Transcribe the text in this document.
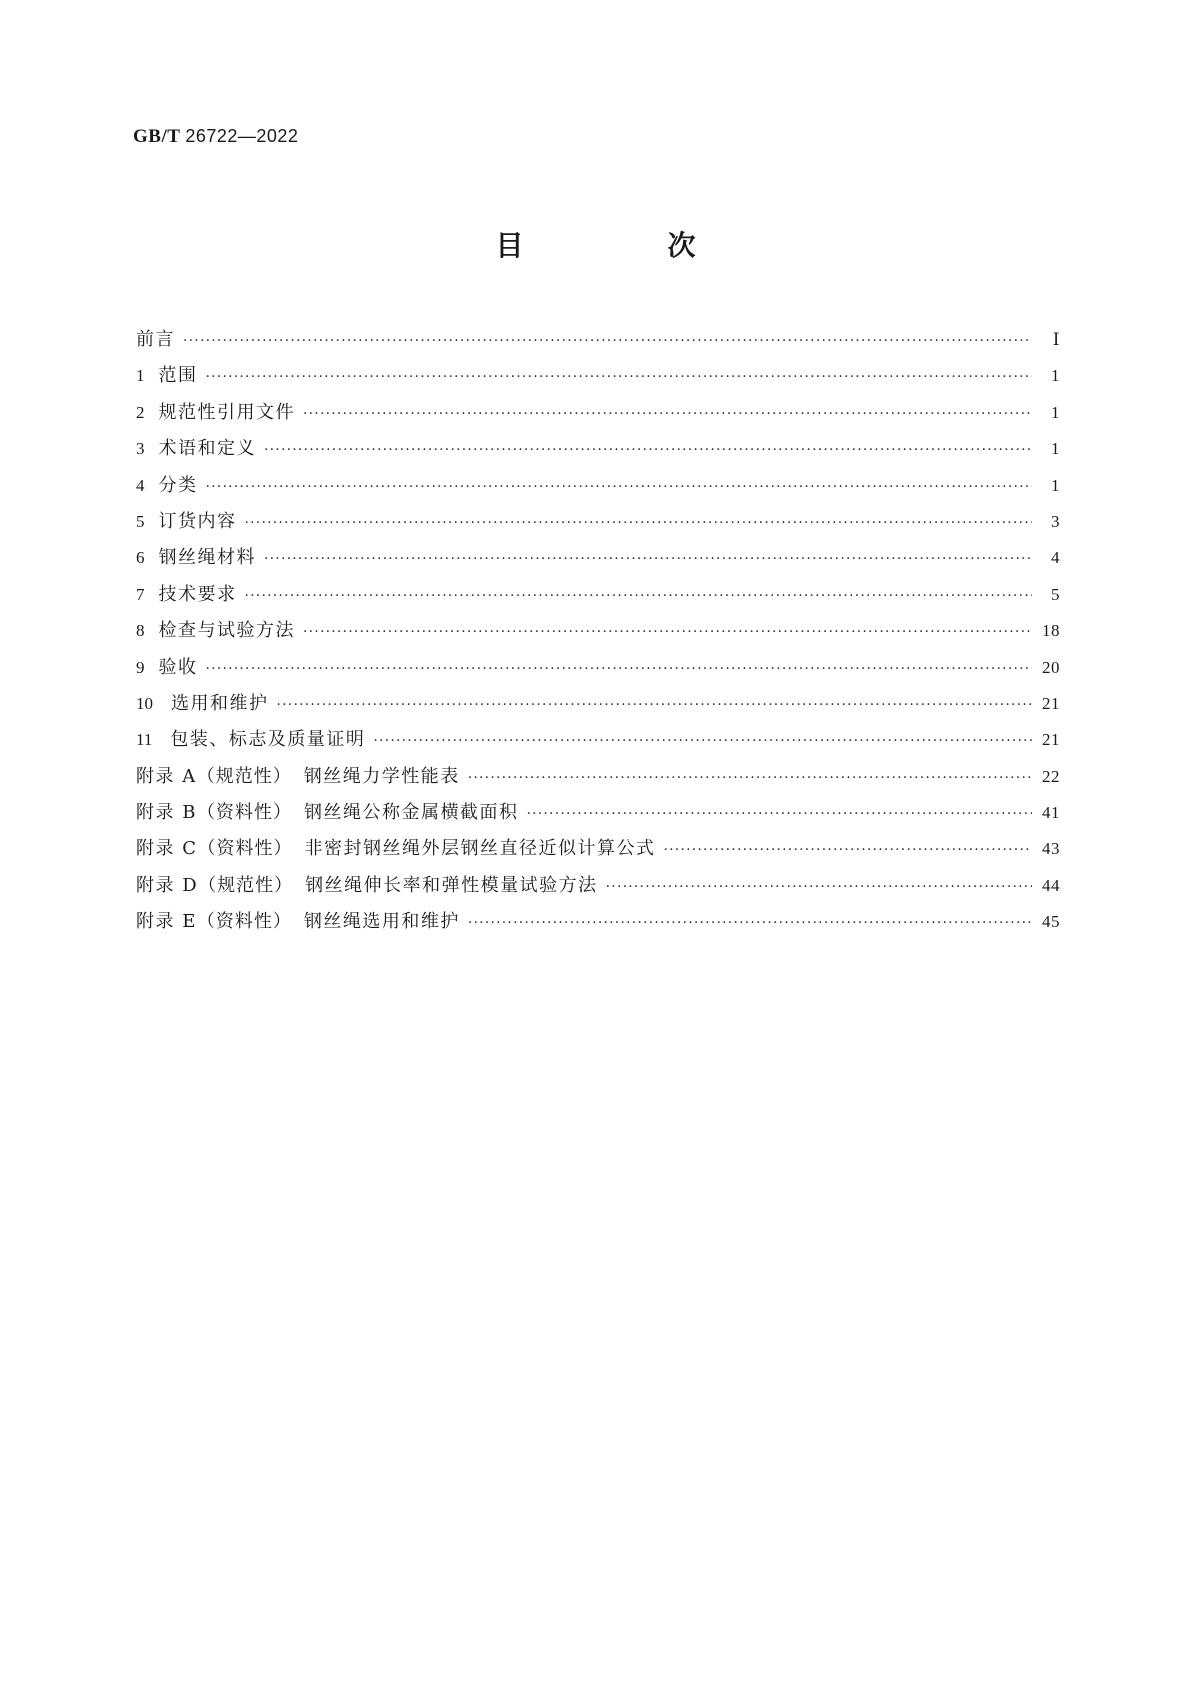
GB/T 26722—2022
目　次
前言 ·····	Ⅰ
1 范围 ·····	1
2 规范性引用文件 ·····	1
3 术语和定义 ·····	1
4 分类 ·····	1
5 订货内容 ·····	3
6 钢丝绳材料 ·····	4
7 技术要求 ·····	5
8 检查与试验方法 ·····	18
9 验收 ·····	20
10 选用和维护 ·····	21
11 包装、标志及质量证明 ·····	21
附录 A（规范性） 钢丝绳力学性能表 ·····	22
附录 B（资料性） 钢丝绳公称金属横截面积 ·····	41
附录 C（资料性） 非密封钢丝绳外层钢丝直径近似计算公式 ·····	43
附录 D（规范性） 钢丝绳伸长率和弹性模量试验方法 ·····	44
附录 E（资料性） 钢丝绳选用和维护 ·····	45
